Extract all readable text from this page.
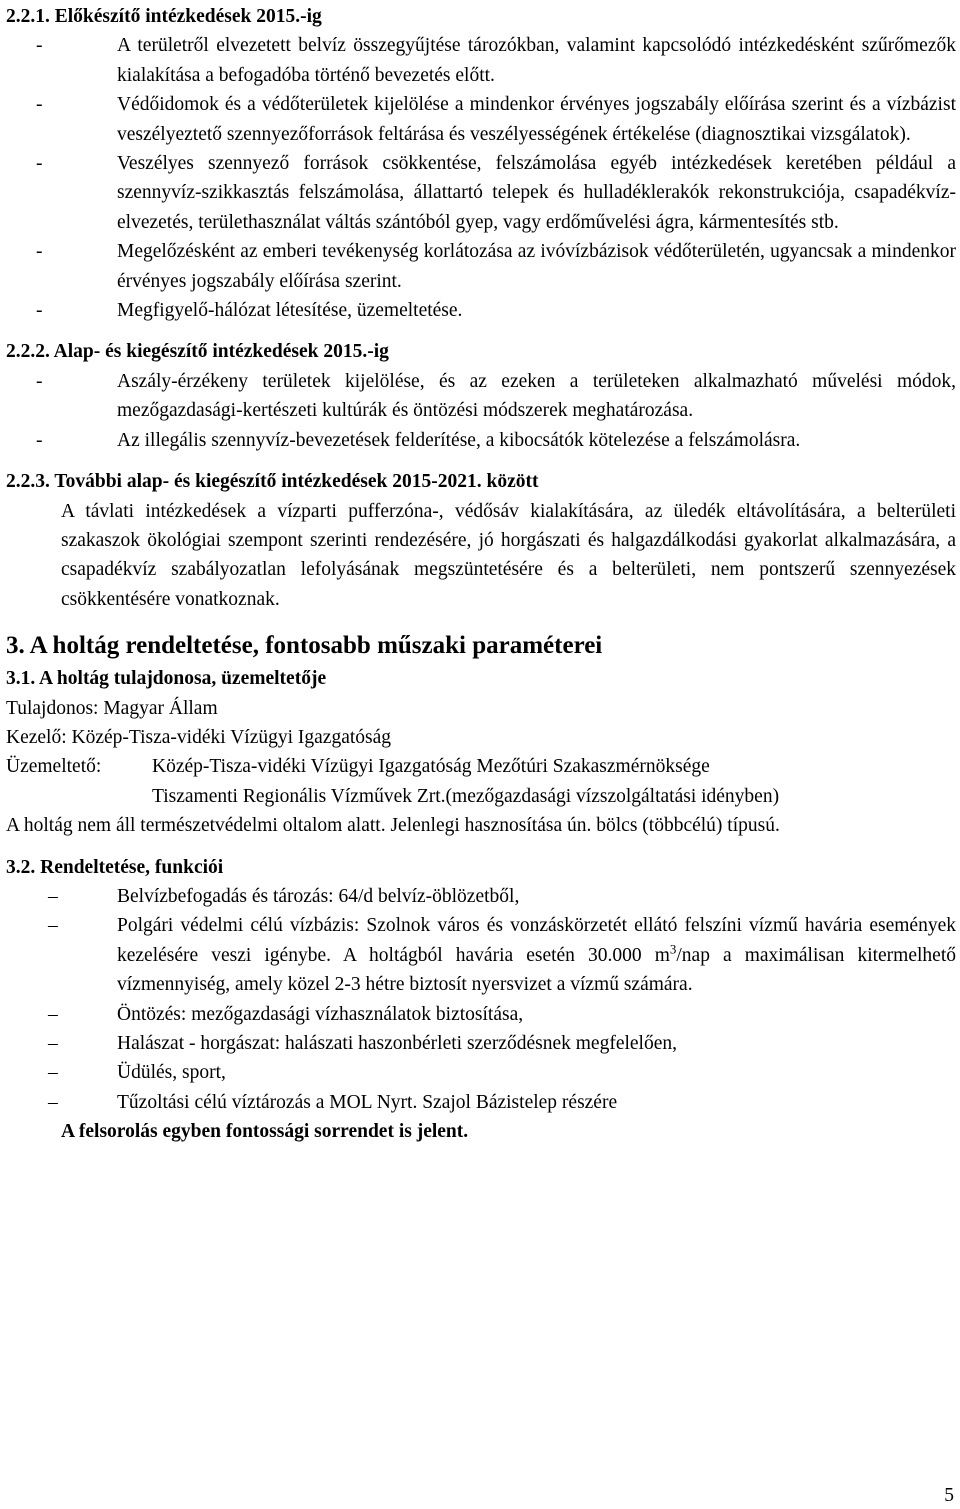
2.2.1. Előkészítő intézkedések 2015.-ig
-	A területről elvezetett belvíz összegyűjtése tározókban, valamint kapcsolódó intézkedésként szűrőmezők kialakítása a befogadóba történő bevezetés előtt.
-	Védőidomok és a védőterületek kijelölése a mindenkor érvényes jogszabály előírása szerint és a vízbázist veszélyeztető szennyezőforrások feltárása és veszélyességének értékelése (diagnosztikai vizsgálatok).
-	Veszélyes szennyező források csökkentése, felszámolása egyéb intézkedések keretében például a szennyvíz-szikkasztás felszámolása, állattartó telepek és hulladéklerakók rekonstrukciója, csapadékvíz-elvezetés, területhasználat váltás szántóból gyep, vagy erdőművelési ágra, kármentesítés stb.
-	Megelőzésként az emberi tevékenység korlátozása az ivóvízbázisok védőterületén, ugyancsak a mindenkor érvényes jogszabály előírása szerint.
-	Megfigyelő-hálózat létesítése, üzemeltetése.
2.2.2. Alap- és kiegészítő intézkedések 2015.-ig
-	Aszály-érzékeny területek kijelölése, és az ezeken a területeken alkalmazható művelési módok, mezőgazdasági-kertészeti kultúrák és öntözési módszerek meghatározása.
-	Az illegális szennyvíz-bevezetések felderítése, a kibocsátók kötelezése a felszámolásra.
2.2.3. További alap- és kiegészítő intézkedések 2015-2021. között
A távlati intézkedések a vízparti pufferzóna-, védősáv kialakítására, az üledék eltávolítására, a belterületi szakaszok ökológiai szempont szerinti rendezésére, jó horgászati és halgazdálkodási gyakorlat alkalmazására, a csapadékvíz szabályozatlan lefolyásának megszüntetésére és a belterületi, nem pontszerű szennyezések csökkentésére vonatkoznak.
3. A holtág rendeltetése, fontosabb műszaki paraméterei
3.1. A holtág tulajdonosa, üzemeltetője
Tulajdonos: Magyar Állam
Kezelő: Közép-Tisza-vidéki Vízügyi Igazgatóság
Üzemeltető:	Közép-Tisza-vidéki Vízügyi Igazgatóság Mezőtúri Szakaszmérnöksége
Tiszamenti Regionális Vízművek Zrt.(mezőgazdasági vízszolgáltatási idényben)
A holtág nem áll természetvédelmi oltalom alatt. Jelenlegi hasznosítása ún. bölcs (többcélú) típusú.
3.2. Rendeltetése, funkciói
–	Belvízbefogadás és tározás: 64/d belvíz-öblözetből,
–	Polgári védelmi célú vízbázis: Szolnok város és vonzáskörzetét ellátó felszíni vízmű havária események kezelésére veszi igénybe. A holtágból havária esetén 30.000 $m^3$/nap a maximálisan kitermelhető vízmennyiség, amely közel 2-3 hétre biztosít nyersvizet a vízmű számára.
–	Öntözés: mezőgazdasági vízhasználatok biztosítása,
–	Halászat - horgászat: halászati haszonbérleti szerződésnek megfelelően,
–	Üdülés, sport,
–	Tűzoltási célú víztározás a MOL Nyrt. Szajol Bázistelep részére
A felsorolás egyben fontossági sorrendet is jelent.
5
